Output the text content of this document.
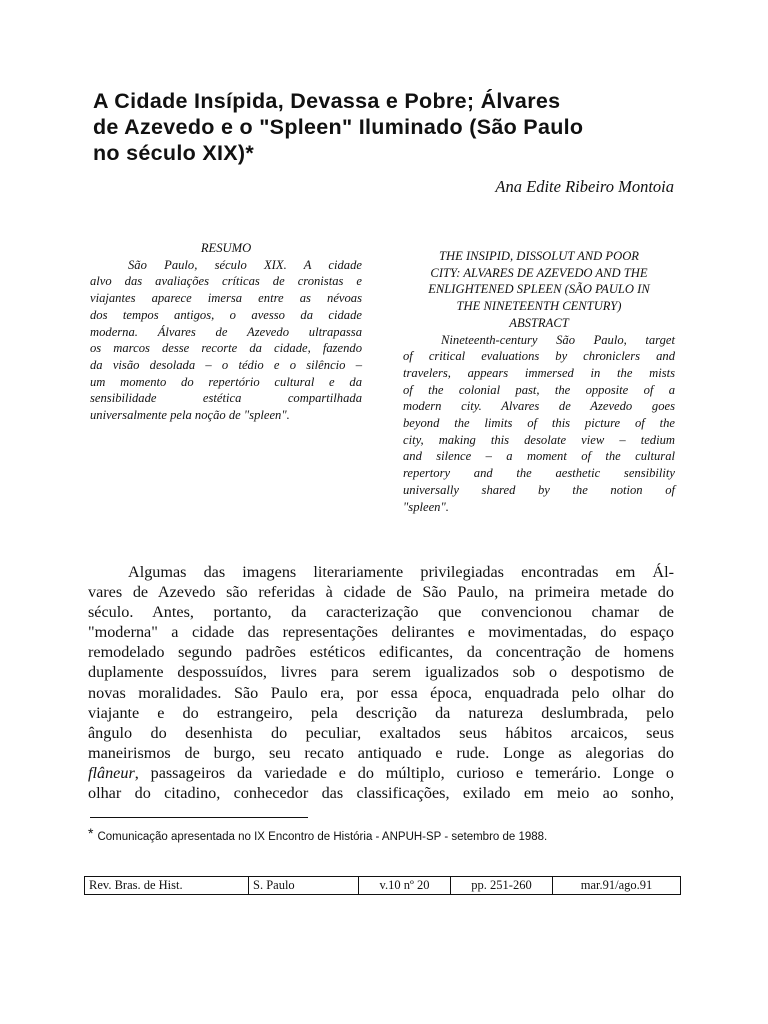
A Cidade Insípida, Devassa e Pobre; Álvares
de Azevedo e o "Spleen" Iluminado (São Paulo
no século XIX)*

Ana Edite Ribeiro Montoia

RESUMO
São Paulo, século XIX. A cidade
alvo das avaliações críticas de cronistas e
viajantes aparece imersa entre as névoas
dos tempos antigos, o avesso da cidade
moderna. Álvares de Azevedo ultrapassa
os marcos desse recorte da cidade, fazendo
da visão desolada – o tédio e o silêncio –
um momento do repertório cultural e da
sensibilidade estética compartilhada
universalmente pela noção de "spleen".
THE INSIPID, DISSOLUT AND POOR
CITY: ALVARES DE AZEVEDO AND THE
ENLIGHTENED SPLEEN (SÃO PAULO IN
THE NINETEENTH CENTURY)
ABSTRACT
Nineteenth-century São Paulo, target
of critical evaluations by chroniclers and
travelers, appears immersed in the mists
of the colonial past, the opposite of a
modern city. Alvares de Azevedo goes
beyond the limits of this picture of the
city, making this desolate view – tedium
and silence – a moment of the cultural
repertory and the aesthetic sensibility
universally shared by the notion of
"spleen".
Algumas das imagens literariamente privilegiadas encontradas em Ál-
vares de Azevedo são referidas à cidade de São Paulo, na primeira metade do
século. Antes, portanto, da caracterização que convencionou chamar de
"moderna" a cidade das representações delirantes e movimentadas, do espaço
remodelado segundo padrões estéticos edificantes, da concentração de homens
duplamente despossuídos, livres para serem igualizados sob o despotismo de
novas moralidades. São Paulo era, por essa época, enquadrada pelo olhar do
viajante e do estrangeiro, pela descrição da natureza deslumbrada, pelo
ângulo do desenhista do peculiar, exaltados seus hábitos arcaicos, seus
maneirismos de burgo, seu recato antiquado e rude. Longe as alegorias do
flâneur, passageiros da variedade e do múltiplo, curioso e temerário. Longe o
olhar do citadino, conhecedor das classificações, exilado em meio ao sonho,
* Comunicação apresentada no IX Encontro de História - ANPUH-SP - setembro de 1988.
Rev. Bras. de Hist.	S. Paulo	v.10 nº 20	pp. 251-260	mar.91/ago.91
